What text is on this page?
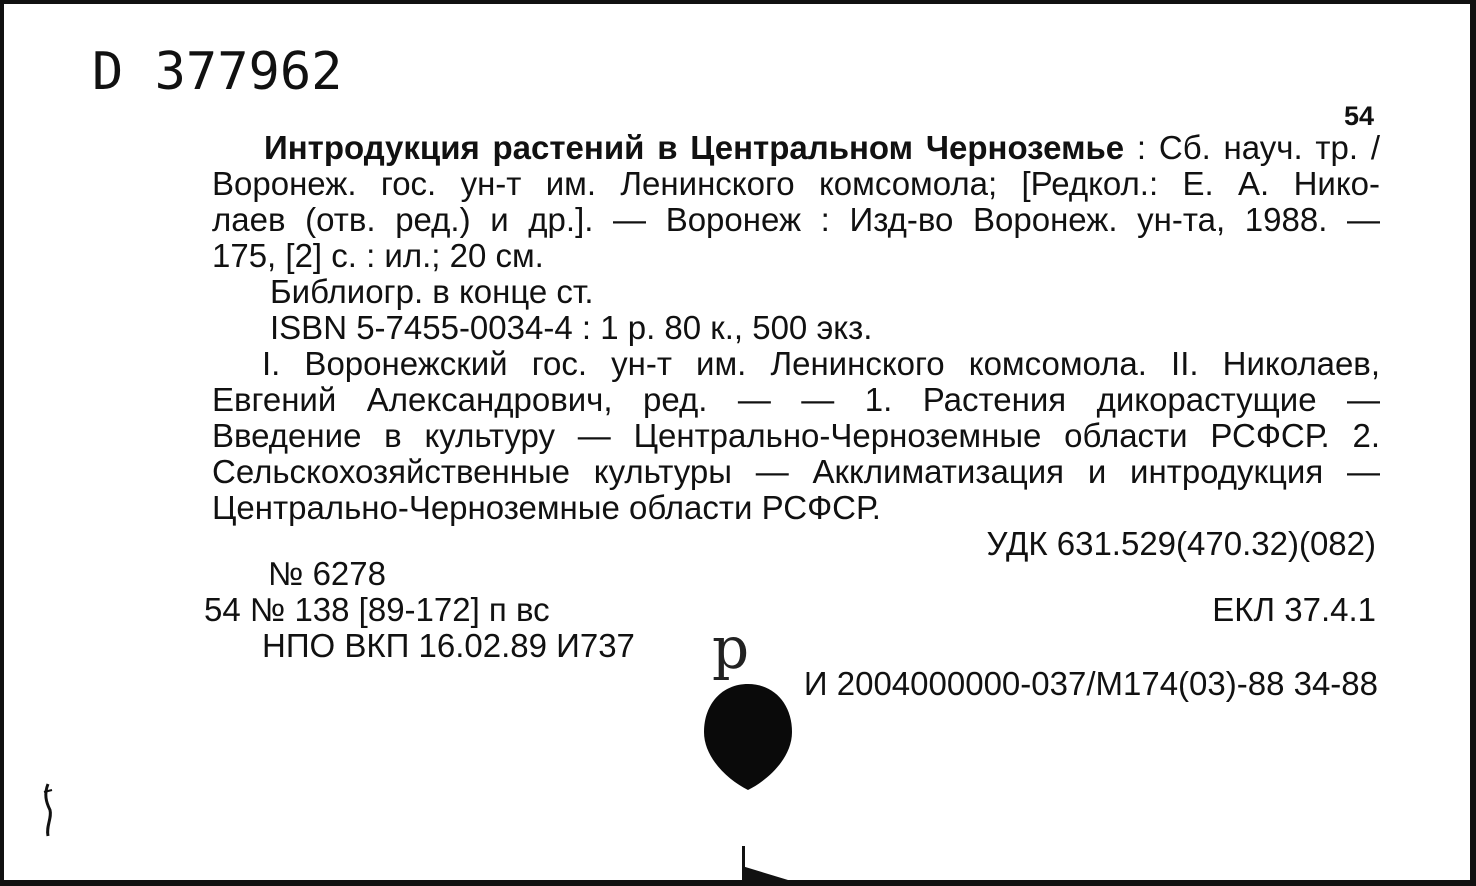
D 377962
54
Интродукция растений в Центральном Черноземье : Сб. науч. тр. /
Воронеж. гос. ун-т им. Ленинского комсомола; [Редкол.: Е. А. Нико-
лаев (отв. ред.) и др.]. — Воронеж : Изд-во Воронеж. ун-та, 1988. —
175, [2] с. : ил.; 20 см.
Библиогр. в конце ст.
ISBN 5-7455-0034-4 : 1 р. 80 к., 500 экз.
I. Воронежский гос. ун-т им. Ленинского комсомола. II. Николаев,
Евгений Александрович, ред. — — 1. Растения дикорастущие —
Введение в культуру — Центрально-Черноземные области РСФСР. 2.
Сельскохозяйственные культуры — Акклиматизация и интродукция —
Центрально-Черноземные области РСФСР.
УДК 631.529(470.32)(082)
№ 6278
54 № 138 [89-172] п вс	ЕКЛ 37.4.1
НПО ВКП 16.02.89 И737
И 2004000000-037/М174(03)-88 34-88
р
